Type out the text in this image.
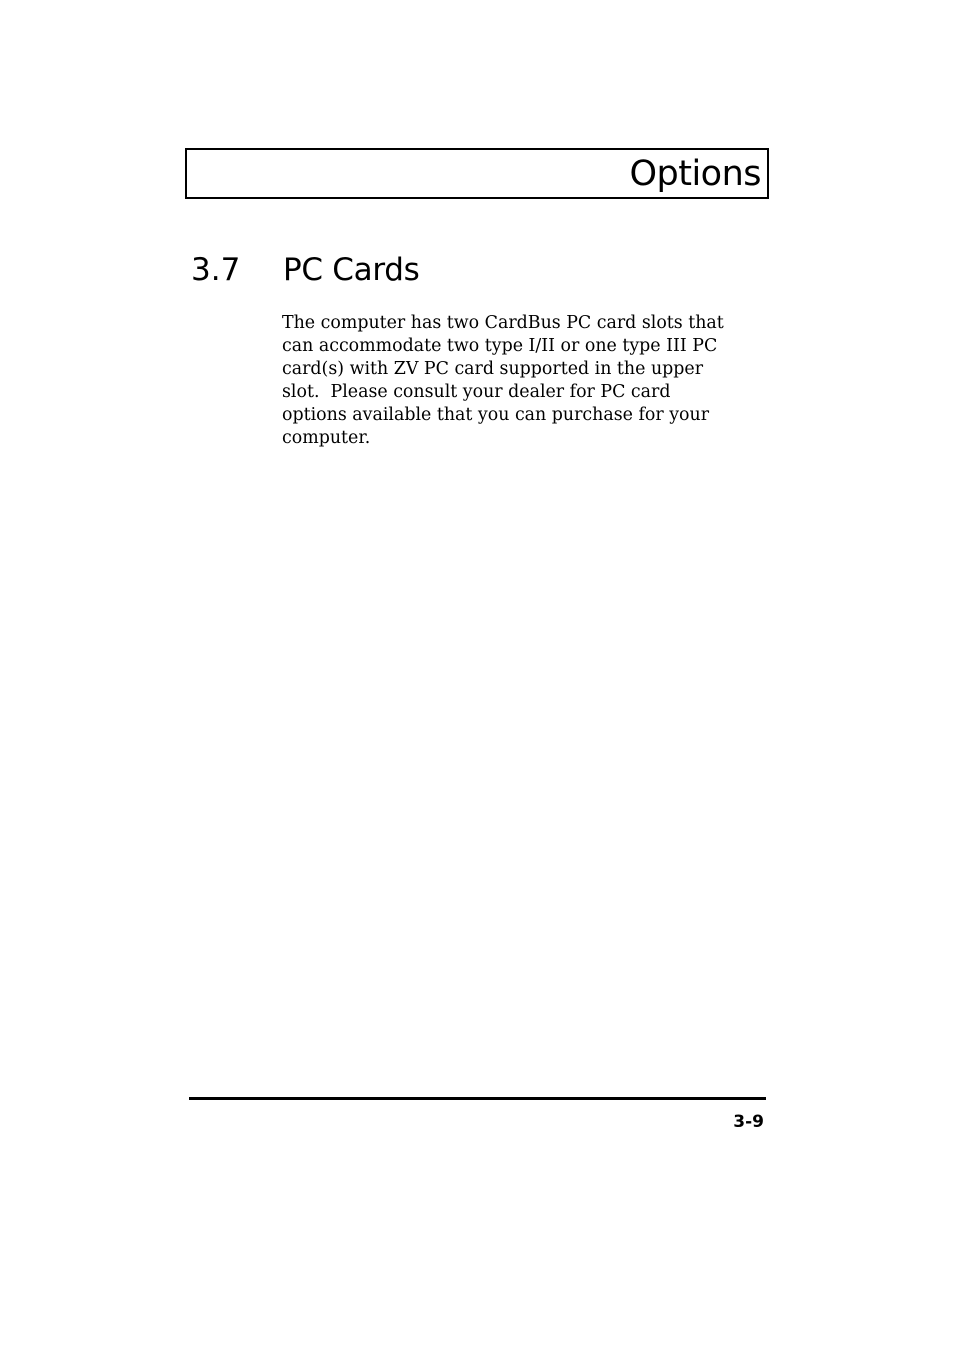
Options
3.7 PC Cards

The computer has two CardBus PC card slots that
can accommodate two type I/II or one type III PC
card(s) with ZV PC card supported in the upper
slot.  Please consult your dealer for PC card
options available that you can purchase for your
computer.

3-9
